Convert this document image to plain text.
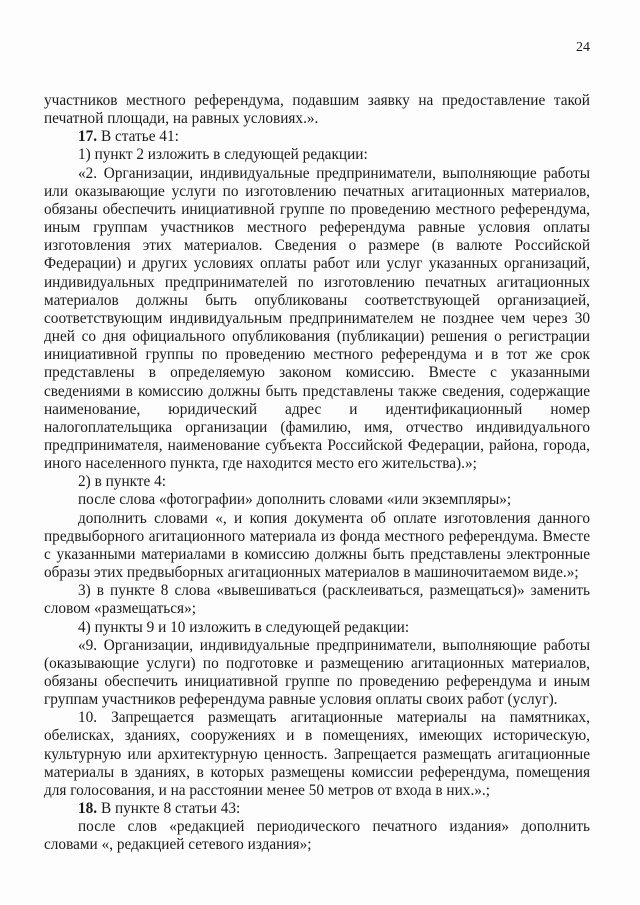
24

участников местного референдума, подавшим заявку на предоставление такой печатной площади, на равных условиях.».

17. В статье 41:

1) пункт 2 изложить в следующей редакции:

«2. Организации, индивидуальные предприниматели, выполняющие работы или оказывающие услуги по изготовлению печатных агитационных материалов, обязаны обеспечить инициативной группе по проведению местного референдума, иным группам участников местного референдума равные условия оплаты изготовления этих материалов. Сведения о размере (в валюте Российской Федерации) и других условиях оплаты работ или услуг указанных организаций, индивидуальных предпринимателей по изготовлению печатных агитационных материалов должны быть опубликованы соответствующей организацией, соответствующим индивидуальным предпринимателем не позднее чем через 30 дней со дня официального опубликования (публикации) решения о регистрации инициативной группы по проведению местного референдума и в тот же срок представлены в определяемую законом комиссию. Вместе с указанными сведениями в комиссию должны быть представлены также сведения, содержащие наименование, юридический адрес и идентификационный номер налогоплательщика организации (фамилию, имя, отчество индивидуального предпринимателя, наименование субъекта Российской Федерации, района, города, иного населенного пункта, где находится место его жительства).»;

2) в пункте 4:

после слова «фотографии» дополнить словами «или экземпляры»;

дополнить словами «, и копия документа об оплате изготовления данного предвыборного агитационного материала из фонда местного референдума. Вместе с указанными материалами в комиссию должны быть представлены электронные образы этих предвыборных агитационных материалов в машиночитаемом виде.»;

3) в пункте 8 слова «вывешиваться (расклеиваться, размещаться)» заменить словом «размещаться»;

4) пункты 9 и 10 изложить в следующей редакции:

«9. Организации, индивидуальные предприниматели, выполняющие работы (оказывающие услуги) по подготовке и размещению агитационных материалов, обязаны обеспечить инициативной группе по проведению референдума и иным группам участников референдума равные условия оплаты своих работ (услуг).

10. Запрещается размещать агитационные материалы на памятниках, обелисках, зданиях, сооружениях и в помещениях, имеющих историческую, культурную или архитектурную ценность. Запрещается размещать агитационные материалы в зданиях, в которых размещены комиссии референдума, помещения для голосования, и на расстоянии менее 50 метров от входа в них.».;

18. В пункте 8 статьи 43:

после слов «редакцией периодического печатного издания» дополнить словами «, редакцией сетевого издания»;
